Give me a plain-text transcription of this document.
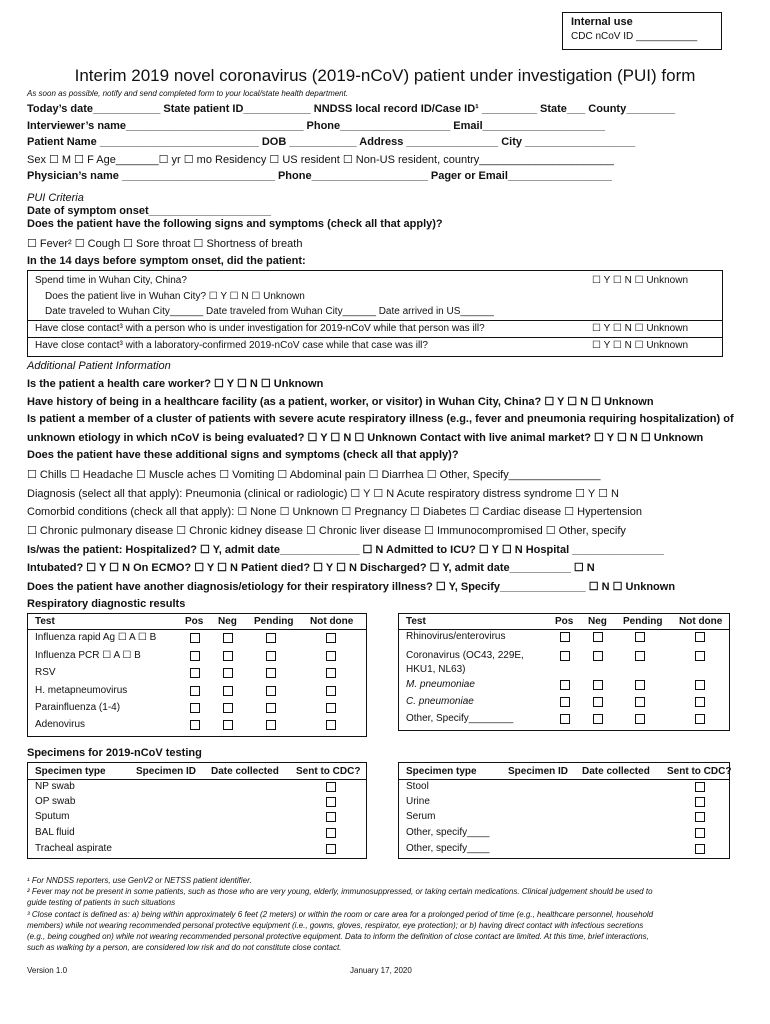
Internal use
CDC nCoV ID ___________
Interim 2019 novel coronavirus (2019-nCoV) patient under investigation (PUI) form
As soon as possible, notify and send completed form to your local/state health department.
Today’s date___________ State patient ID___________ NNDSS local record ID/Case ID¹ _________ State___ County________
Interviewer’s name_____________________________ Phone__________________ Email____________________
Patient Name __________________________ DOB ___________ Address _______________ City __________________
Sex ☐ M ☐ F Age_______☐ yr ☐ mo Residency ☐ US resident ☐ Non-US resident, country______________________
Physician’s name _________________________ Phone___________________ Pager or Email_________________
PUI Criteria
Date of symptom onset____________________
Does the patient have the following signs and symptoms (check all that apply)?
☐ Fever² ☐ Cough ☐ Sore throat ☐ Shortness of breath
In the 14 days before symptom onset, did the patient:
Spend time in Wuhan City, China?	☐ Y ☐ N ☐ Unknown
Does the patient live in Wuhan City? ☐ Y ☐ N ☐ Unknown
Date traveled to Wuhan City______ Date traveled from Wuhan City______ Date arrived in US______
Have close contact³ with a person who is under investigation for 2019-nCoV while that person was ill?	☐ Y ☐ N ☐ Unknown
Have close contact³ with a laboratory-confirmed 2019-nCoV case while that case was ill?	☐ Y ☐ N ☐ Unknown
Additional Patient Information
Is the patient a health care worker? ☐ Y ☐ N ☐ Unknown
Have history of being in a healthcare facility (as a patient, worker, or visitor) in Wuhan City, China? ☐ Y ☐ N ☐ Unknown
Is patient a member of a cluster of patients with severe acute respiratory illness (e.g., fever and pneumonia requiring hospitalization) of
unknown etiology in which nCoV is being evaluated? ☐ Y ☐ N ☐ Unknown Contact with live animal market? ☐ Y ☐ N ☐ Unknown
Does the patient have these additional signs and symptoms (check all that apply)?
☐ Chills ☐ Headache ☐ Muscle aches ☐ Vomiting ☐ Abdominal pain ☐ Diarrhea ☐ Other, Specify_______________
Diagnosis (select all that apply): Pneumonia (clinical or radiologic) ☐ Y ☐ N Acute respiratory distress syndrome ☐ Y ☐ N
Comorbid conditions (check all that apply): ☐ None ☐ Unknown ☐ Pregnancy ☐ Diabetes ☐ Cardiac disease ☐ Hypertension
☐ Chronic pulmonary disease ☐ Chronic kidney disease ☐ Chronic liver disease ☐ Immunocompromised ☐ Other, specify
Is/was the patient: Hospitalized? ☐ Y, admit date_____________ ☐ N Admitted to ICU? ☐ Y ☐ N Hospital _______________
Intubated? ☐ Y ☐ N On ECMO? ☐ Y ☐ N Patient died? ☐ Y ☐ N Discharged? ☐ Y, admit date__________ ☐ N
Does the patient have another diagnosis/etiology for their respiratory illness? ☐ Y, Specify______________ ☐ N ☐ Unknown
Respiratory diagnostic results
Test	Pos Neg Pending Not done
Influenza rapid Ag ☐ A ☐ B
Influenza PCR ☐ A ☐ B
RSV
H. metapneumovirus
Parainfluenza (1-4)
Adenovirus
Test	Pos Neg Pending Not done
Rhinovirus/enterovirus
Coronavirus (OC43, 229E, HKU1, NL63)
M. pneumoniae
C. pneumoniae
Other, Specify________
Specimens for 2019-nCoV testing
Specimen type	Specimen ID Date collected Sent to CDC?
NP swab
OP swab
Sputum
BAL fluid
Tracheal aspirate
Specimen type	Specimen ID Date collected Sent to CDC?
Stool
Urine
Serum
Other, specify____
Other, specify____
¹ For NNDSS reporters, use GenV2 or NETSS patient identifier.
² Fever may not be present in some patients, such as those who are very young, elderly, immunosuppressed, or taking certain medications. Clinical judgement should be used to
guide testing of patients in such situations
³ Close contact is defined as: a) being within approximately 6 feet (2 meters) or within the room or care area for a prolonged period of time (e.g., healthcare personnel, household
members) while not wearing recommended personal protective equipment (i.e., gowns, gloves, respirator, eye protection); or b) having direct contact with infectious secretions
(e.g., being coughed on) while not wearing recommended personal protective equipment. Data to inform the definition of close contact are limited. At this time, brief interactions,
such as walking by a person, are considered low risk and do not constitute close contact.
Version 1.0	January 17, 2020
